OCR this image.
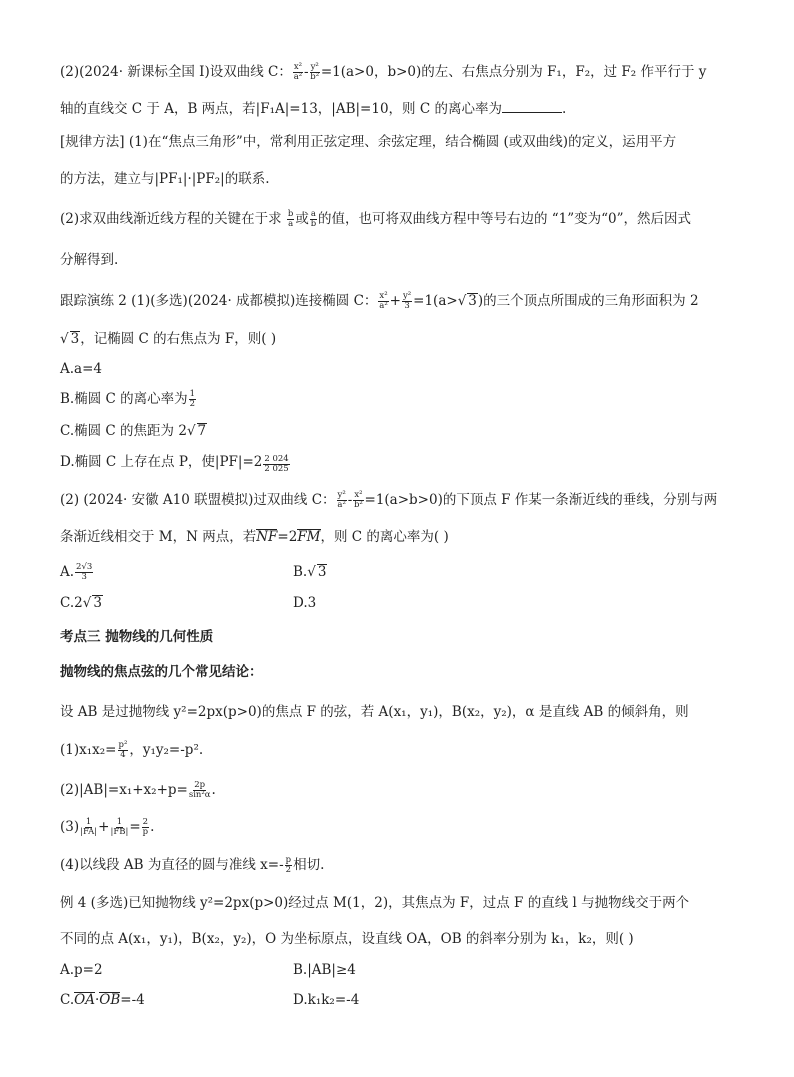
(2)(2024· 新课标全国 Ⅰ)设双曲线 C： $\frac{\text{x²}}{\text{a²}} - \frac{\text{y²}}{\text{b²}} =1(a>0$，b>0)的左、右焦点分别为 F₁，F₂，过 F₂ 作平行于 y
轴的直线交 C 于 A，B 两点，若|F₁A|=13，|AB|=10，则 C 的离心率为	.
[规律方法] (1)在“焦点三角形”中，常利用正弦定理、余弦定理，结合椭圆 (或双曲线)的定义，运用平方
的方法，建立与|PF₁|·|PF₂|的联系.
(2)求双曲线渐近线方程的关键在于求 $\frac{b}{a}$ 或 $\frac{a}{b}$ 的值，也可将双曲线方程中等号右边的 “1”变为“0”，然后因式
分解得到.
跟踪演练 2 (1)(多选)(2024· 成都模拟)连接椭圆 C： $\frac{\text{x²}}{\text{a²}} + \frac{\text{y²}}{3} =1(a>√$ 3)的三个顶点所围成的三角形面积为 2
√ 3，记椭圆 C 的右焦点为 F，则( )
A.a=4
B.椭圆 C 的离心率为 $\frac{1}{2}$
C.椭圆 C 的焦距为 2√ 7
D.椭圆 C 上存在点 P，使$|PF|=2 \frac{2 024}{2 025}$
(2) (2024· 安徽 A10 联盟模拟)过双曲线 C： $\frac{\text{y²}}{\text{a²}} - \frac{\text{x²}}{\text{b²}} =1(a>b>0)$的下顶点 F 作某一条渐近线的垂线，分别与两
条渐近线相交于 M，N 两点，若NF=2FM，则 C 的离心率为( )
A. $\frac{2√3}{3}$	B.√ 3
C.2√ 3	D.3
考点三 抛物线的几何性质
抛物线的焦点弦的几个常见结论：
设 AB 是过抛物线 y²=2px(p>0)的焦点 F 的弦，若 A(x₁，y₁)，B(x₂，y₂)，α 是直线 AB 的倾斜角，则
$(1)x_1x_2= \frac{\text{p²}}{4}$ ，y₁y₂=-p².
$(2)|AB|=x_1+x_2+p= \frac{2p}{\text{sin²α}}$ .
$(3) \frac{1}{|FA|} + \frac{1}{|FB|} = \frac{2}{p}$ .
(4)以线段 AB 为直径的圆与准线 $x=- \frac{p}{2}$ 相切.
例 4 (多选)已知抛物线 y²=2px(p>0)经过点 M(1，2)，其焦点为 F，过点 F 的直线 l 与抛物线交于两个
不同的点 A(x₁，y₁)，B(x₂，y₂)，O 为坐标原点，设直线 OA，OB 的斜率分别为 k₁，k₂，则( )
A.p=2	B.|AB|≥4
C.OA·OB=-4	D.k₁k₂=-4
